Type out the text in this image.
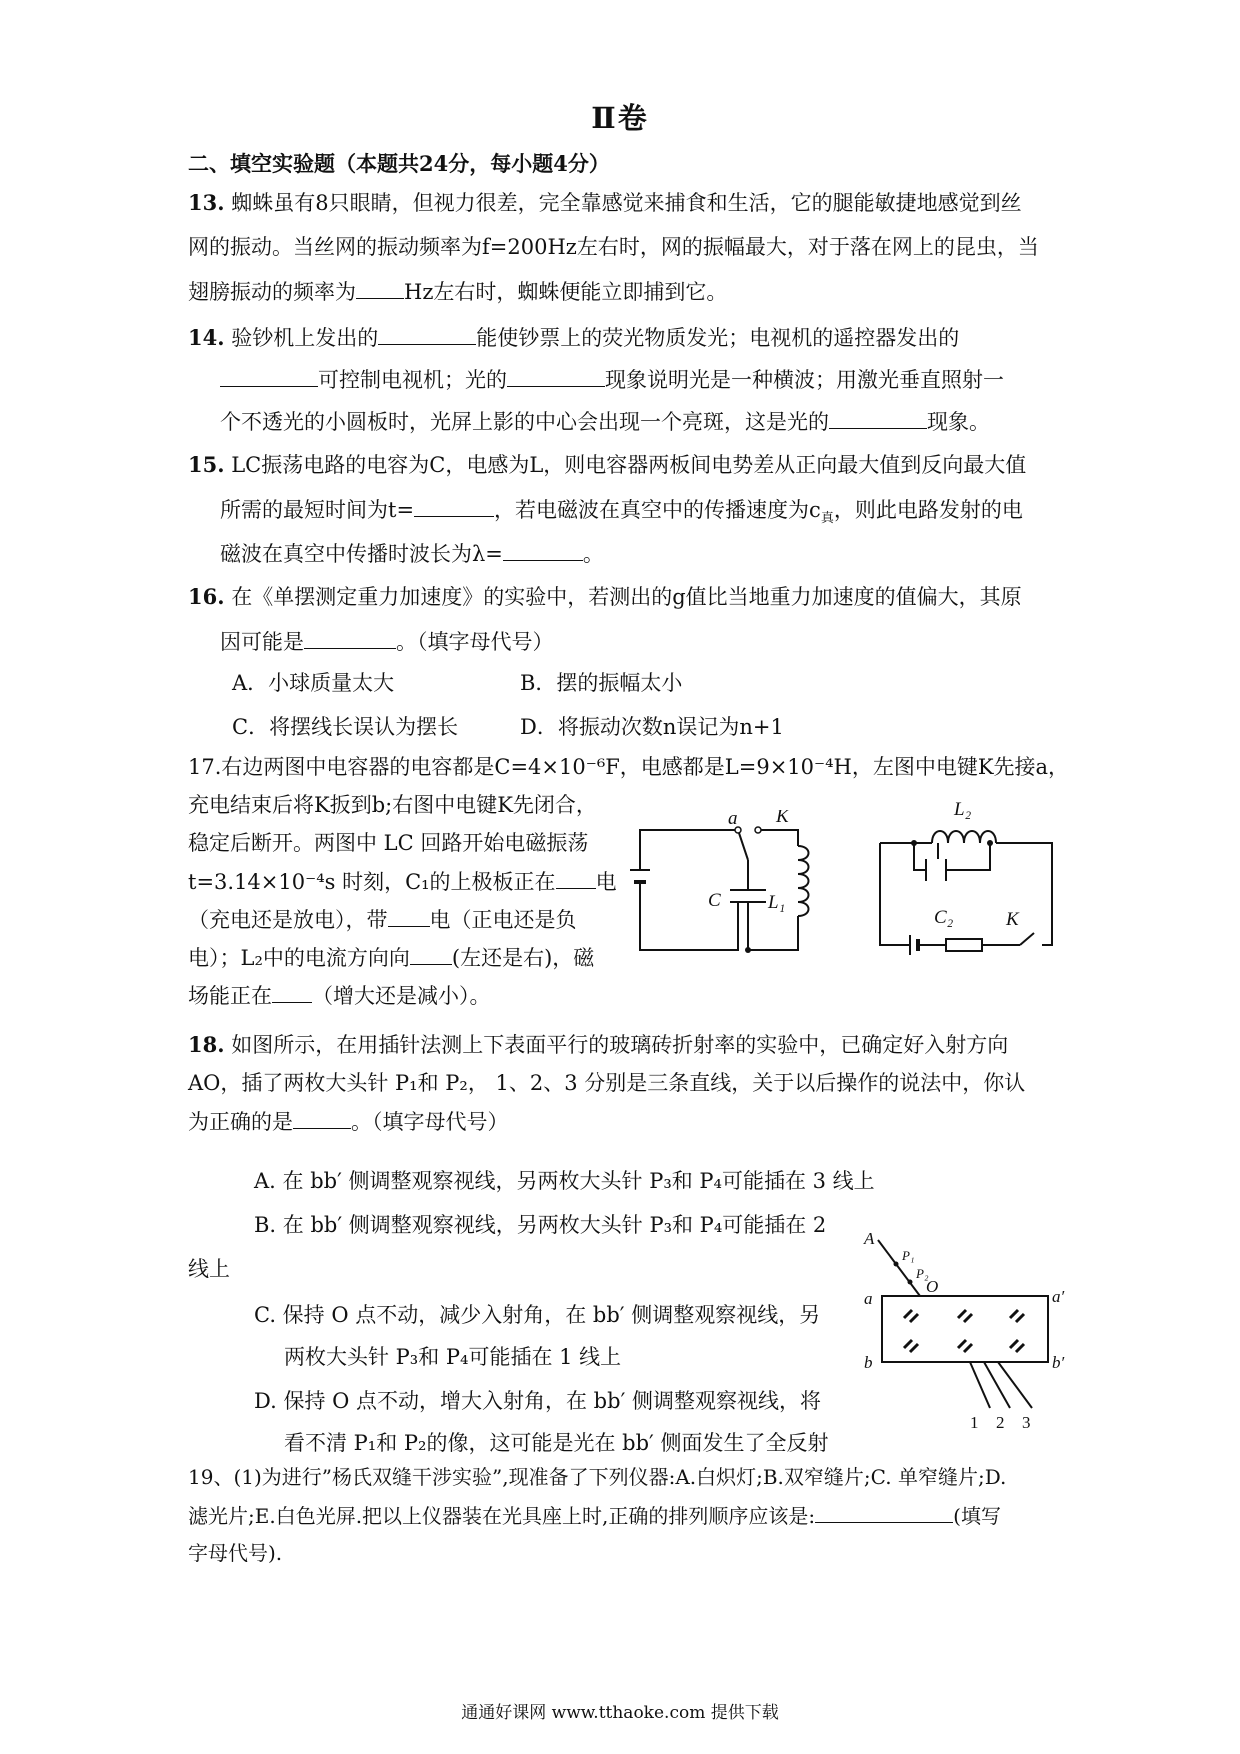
Ⅱ卷
二、填空实验题（本题共24分，每小题4分）
13. 蜘蛛虽有8只眼睛，但视力很差，完全靠感觉来捕食和生活，它的腿能敏捷地感觉到丝
网的振动。当丝网的振动频率为f=200Hz左右时，网的振幅最大，对于落在网上的昆虫，当
翅膀振动的频率为 Hz左右时，蜘蛛便能立即捕到它。
14. 验钞机上发出的	能使钞票上的荧光物质发光；电视机的遥控器发出的
可控制电视机；光的	现象说明光是一种横波；用激光垂直照射一
个不透光的小圆板时，光屏上影的中心会出现一个亮斑，这是光的	现象。
15. LC振荡电路的电容为C，电感为L，则电容器两板间电势差从正向最大值到反向最大值
所需的最短时间为t=	，若电磁波在真空中的传播速度为$c_真$，则此电路发射的电
磁波在真空中传播时波长为λ=	。
16. 在《单摆测定重力加速度》的实验中，若测出的g值比当地重力加速度的值偏大，其原
因可能是	。（填字母代号）
A．小球质量太大	B．摆的振幅太小
C．将摆线长误认为摆长	D．将振动次数n误记为n+1
17.右边两图中电容器的电容都是C=4×10⁻⁶F，电感都是L=9×10⁻⁴H，左图中电键K先接a，
充电结束后将K扳到b;右图中电键K先闭合，
稳定后断开。两图中 LC 回路开始电磁振荡
t=3.14×10⁻⁴s 时刻，C₁的上极板正在 电
（充电还是放电），带 电（正电还是负
电）；L₂中的电流方向向 (左还是右)，磁
场能正在 （增大还是减小）。
a K
C L₁
L₂
C₂	K
18. 如图所示，在用插针法测上下表面平行的玻璃砖折射率的实验中，已确定好入射方向
AO，插了两枚大头针 P₁和 P₂， 1、2、3 分别是三条直线，关于以后操作的说法中，你认
为正确的是	。（填字母代号）
A. 在 bb′ 侧调整观察视线，另两枚大头针 P₃和 P₄可能插在 3 线上
B. 在 bb′ 侧调整观察视线，另两枚大头针 P₃和 P₄可能插在 2
线上
C. 保持 O 点不动，减少入射角，在 bb′ 侧调整观察视线，另
两枚大头针 P₃和 P₄可能插在 1 线上
D. 保持 O 点不动，增大入射角，在 bb′ 侧调整观察视线，将
看不清 P₁和 P₂的像，这可能是光在 bb′ 侧面发生了全反射
A
P₁
P₂
O
a	a′
b	b′
1 2 3
19、(1)为进行”杨氏双缝干涉实验”,现准备了下列仪器:A.白炽灯;B.双窄缝片;C. 单窄缝片;D.
滤光片;E.白色光屏.把以上仪器装在光具座上时,正确的排列顺序应该是:	(填写
字母代号).
通通好课网 www.tthaoke.com 提供下载
